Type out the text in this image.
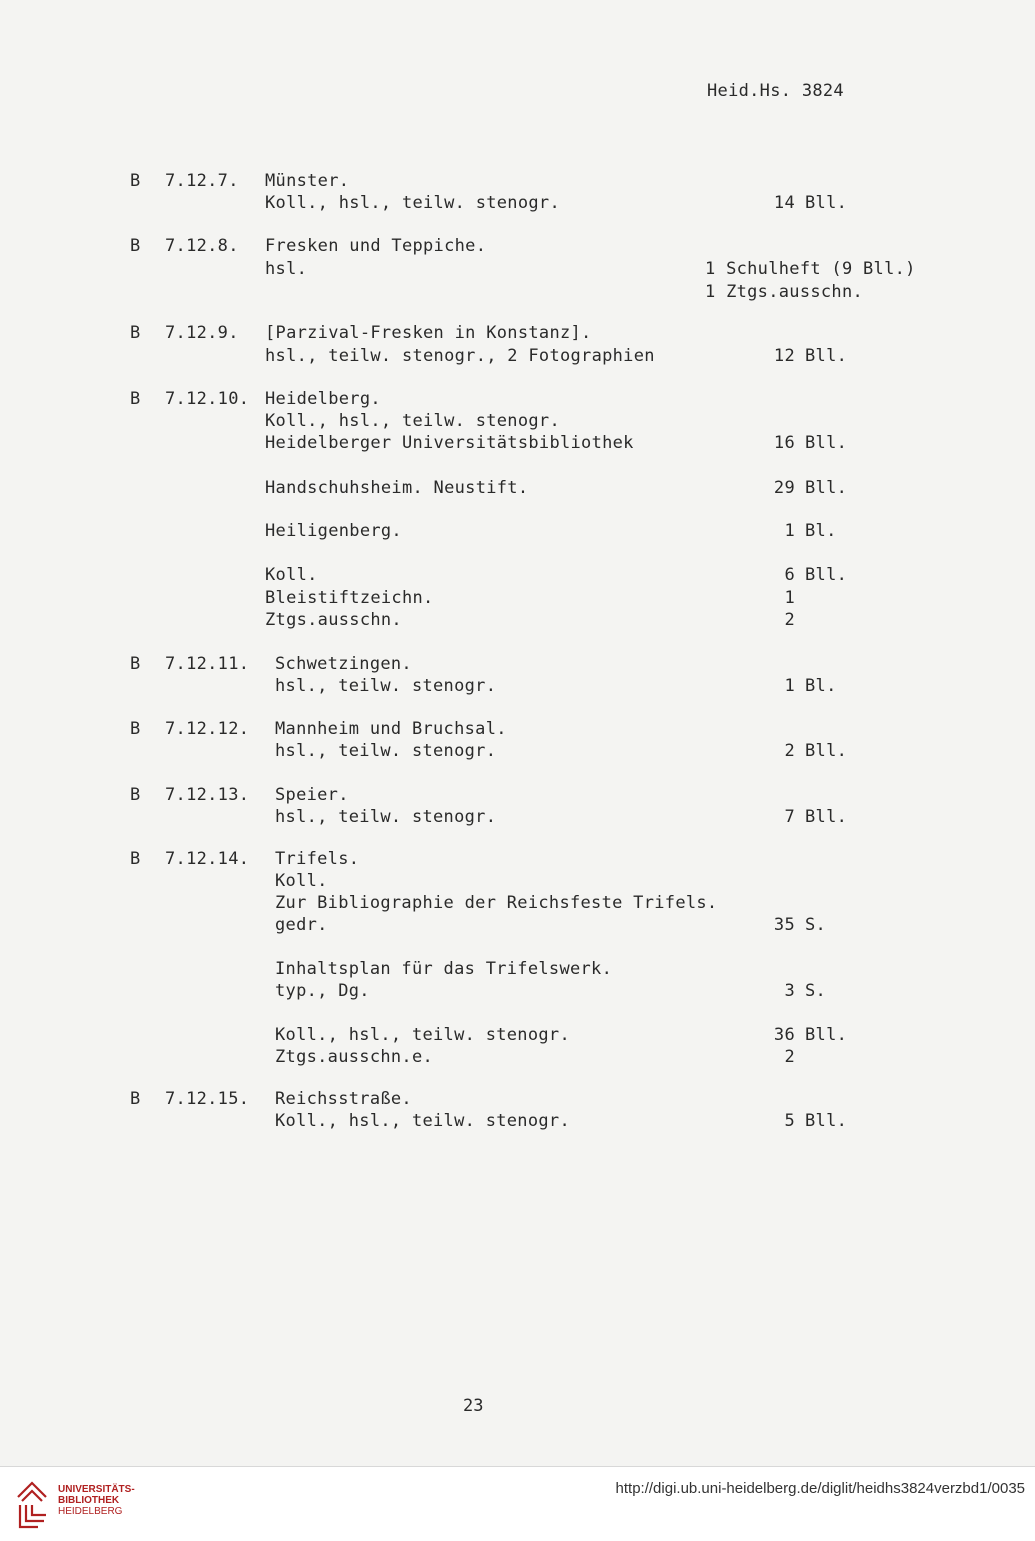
Heid.Hs. 3824
B 7.12.7. Münster.
Koll., hsl., teilw. stenogr.	14 Bll.
B 7.12.8. Fresken und Teppiche.
hsl.	1 Schulheft (9 Bll.)
1 Ztgs.ausschn.
B 7.12.9. [Parzival-Fresken in Konstanz].
hsl., teilw. stenogr., 2 Fotographien	12 Bll.
B 7.12.10. Heidelberg.
Koll., hsl., teilw. stenogr.
Heidelberger Universitätsbibliothek	16 Bll.
Handschuhsheim. Neustift.	29 Bll.
Heiligenberg.	1 Bl.
Koll.	6 Bll.
Bleistiftzeichn.	1
Ztgs.ausschn.	2
B 7.12.11. Schwetzingen.
hsl., teilw. stenogr.	1 Bl.
B 7.12.12. Mannheim und Bruchsal.
hsl., teilw. stenogr.	2 Bll.
B 7.12.13. Speier.
hsl., teilw. stenogr.	7 Bll.
B 7.12.14. Trifels.
Koll.
Zur Bibliographie der Reichsfeste Trifels.
gedr.	35 S.
Inhaltsplan für das Trifelswerk.
typ., Dg.	3 S.
Koll., hsl., teilw. stenogr.	36 Bll.
Ztgs.ausschn.e.	2
B 7.12.15. Reichsstraße.
Koll., hsl., teilw. stenogr.	5 Bll.
23
UNIVERSITÄTS-
BIBLIOTHEK
HEIDELBERG
http://digi.ub.uni-heidelberg.de/diglit/heidhs3824verzbd1/0035
